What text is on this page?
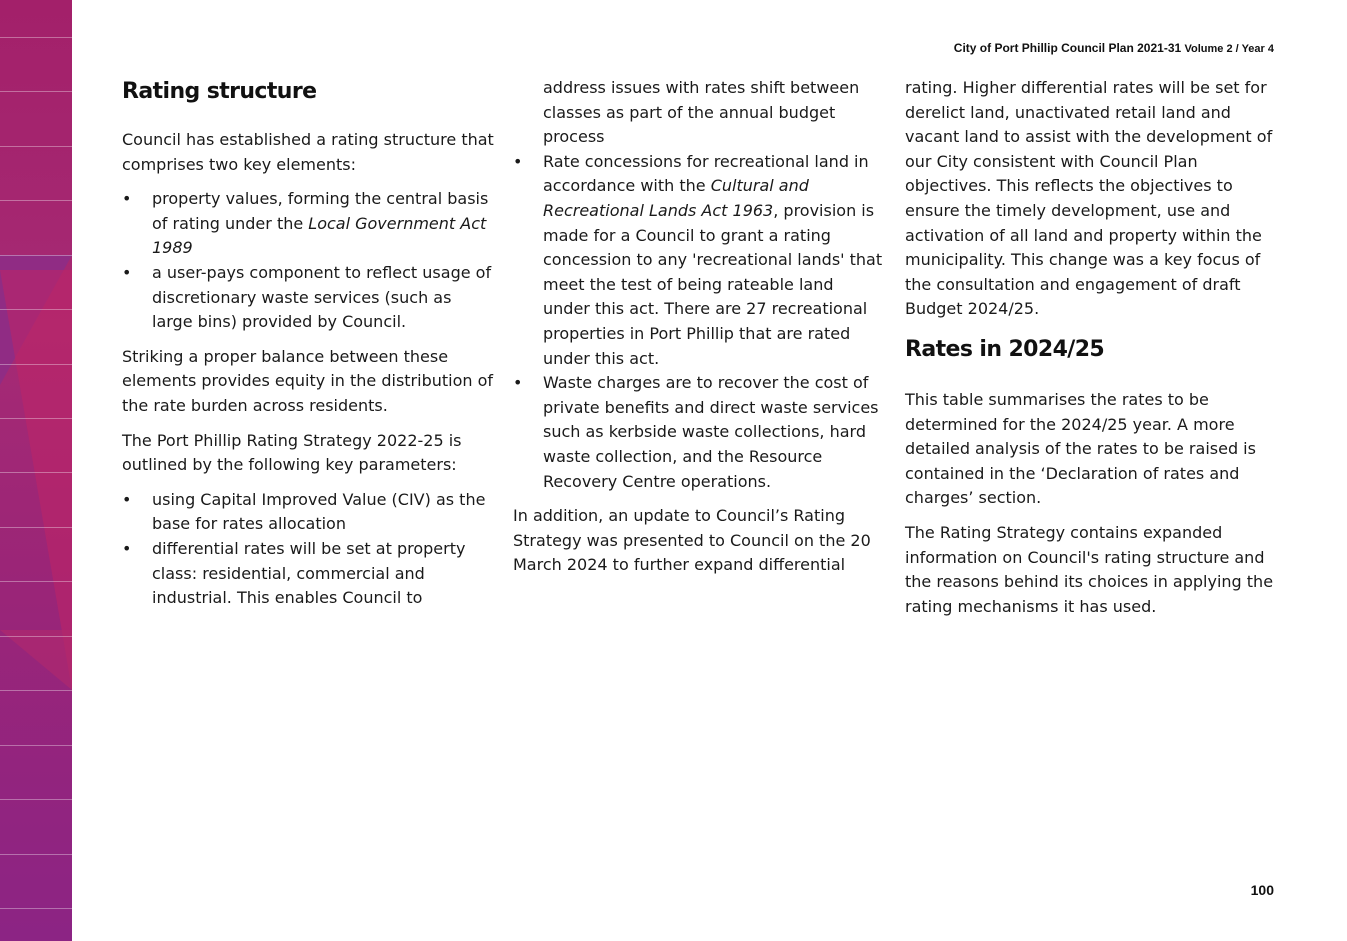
City of Port Phillip Council Plan 2021-31 Volume 2 / Year 4
Rating structure

Council has established a rating structure that comprises two key elements:

• property values, forming the central basis of rating under the Local Government Act 1989
• a user-pays component to reflect usage of discretionary waste services (such as large bins) provided by Council.

Striking a proper balance between these elements provides equity in the distribution of the rate burden across residents.

The Port Phillip Rating Strategy 2022-25 is outlined by the following key parameters:

• using Capital Improved Value (CIV) as the base for rates allocation
• differential rates will be set at property class: residential, commercial and industrial. This enables Council to
address issues with rates shift between classes as part of the annual budget process
• Rate concessions for recreational land in accordance with the Cultural and Recreational Lands Act 1963, provision is made for a Council to grant a rating concession to any 'recreational lands' that meet the test of being rateable land under this act. There are 27 recreational properties in Port Phillip that are rated under this act.
• Waste charges are to recover the cost of private benefits and direct waste services such as kerbside waste collections, hard waste collection, and the Resource Recovery Centre operations.

In addition, an update to Council’s Rating Strategy was presented to Council on the 20 March 2024 to further expand differential

rating. Higher differential rates will be set for derelict land, unactivated retail land and vacant land to assist with the development of our City consistent with Council Plan objectives. This reflects the objectives to ensure the timely development, use and activation of all land and property within the municipality. This change was a key focus of the consultation and engagement of draft Budget 2024/25.

Rates in 2024/25

This table summarises the rates to be determined for the 2024/25 year. A more detailed analysis of the rates to be raised is contained in the ‘Declaration of rates and charges’ section.

The Rating Strategy contains expanded information on Council's rating structure and the reasons behind its choices in applying the rating mechanisms it has used.

100
